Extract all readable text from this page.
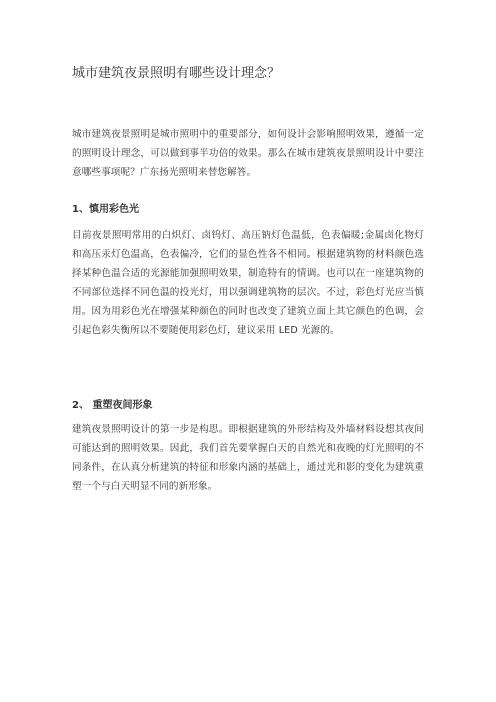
城市建筑夜景照明有哪些设计理念？

城市建筑夜景照明是城市照明中的重要部分，如何设计会影响照明效果，遵循一定的照明设计理念，可以做到事半功倍的效果。那么在城市建筑夜景照明设计中要注意哪些事项呢？广东扬光照明来替您解答。

1、慎用彩色光

目前夜景照明常用的白炽灯、卤钨灯、高压钠灯色温低，色表偏暖;金属卤化物灯和高压汞灯色温高，色表偏冷，它们的显色性各不相同。根据建筑物的材料颜色选择某种色温合适的光源能加强照明效果，制造特有的情调。也可以在一座建筑物的不同部位选择不同色温的投光灯，用以强调建筑物的层次。不过，彩色灯光应当慎用。因为用彩色光在增强某种颜色的同时也改变了建筑立面上其它颜色的色调，会引起色彩失衡所以不要随便用彩色灯，建议采用 LED 光源的。

2、 重塑夜间形象

建筑夜景照明设计的第一步是构思。即根据建筑的外形结构及外墙材料设想其夜间可能达到的照明效果。因此，我们首先要掌握白天的自然光和夜晚的灯光照明的不同条件，在认真分析建筑的特征和形象内涵的基础上，通过光和影的变化为建筑重塑一个与白天明显不同的新形象。
